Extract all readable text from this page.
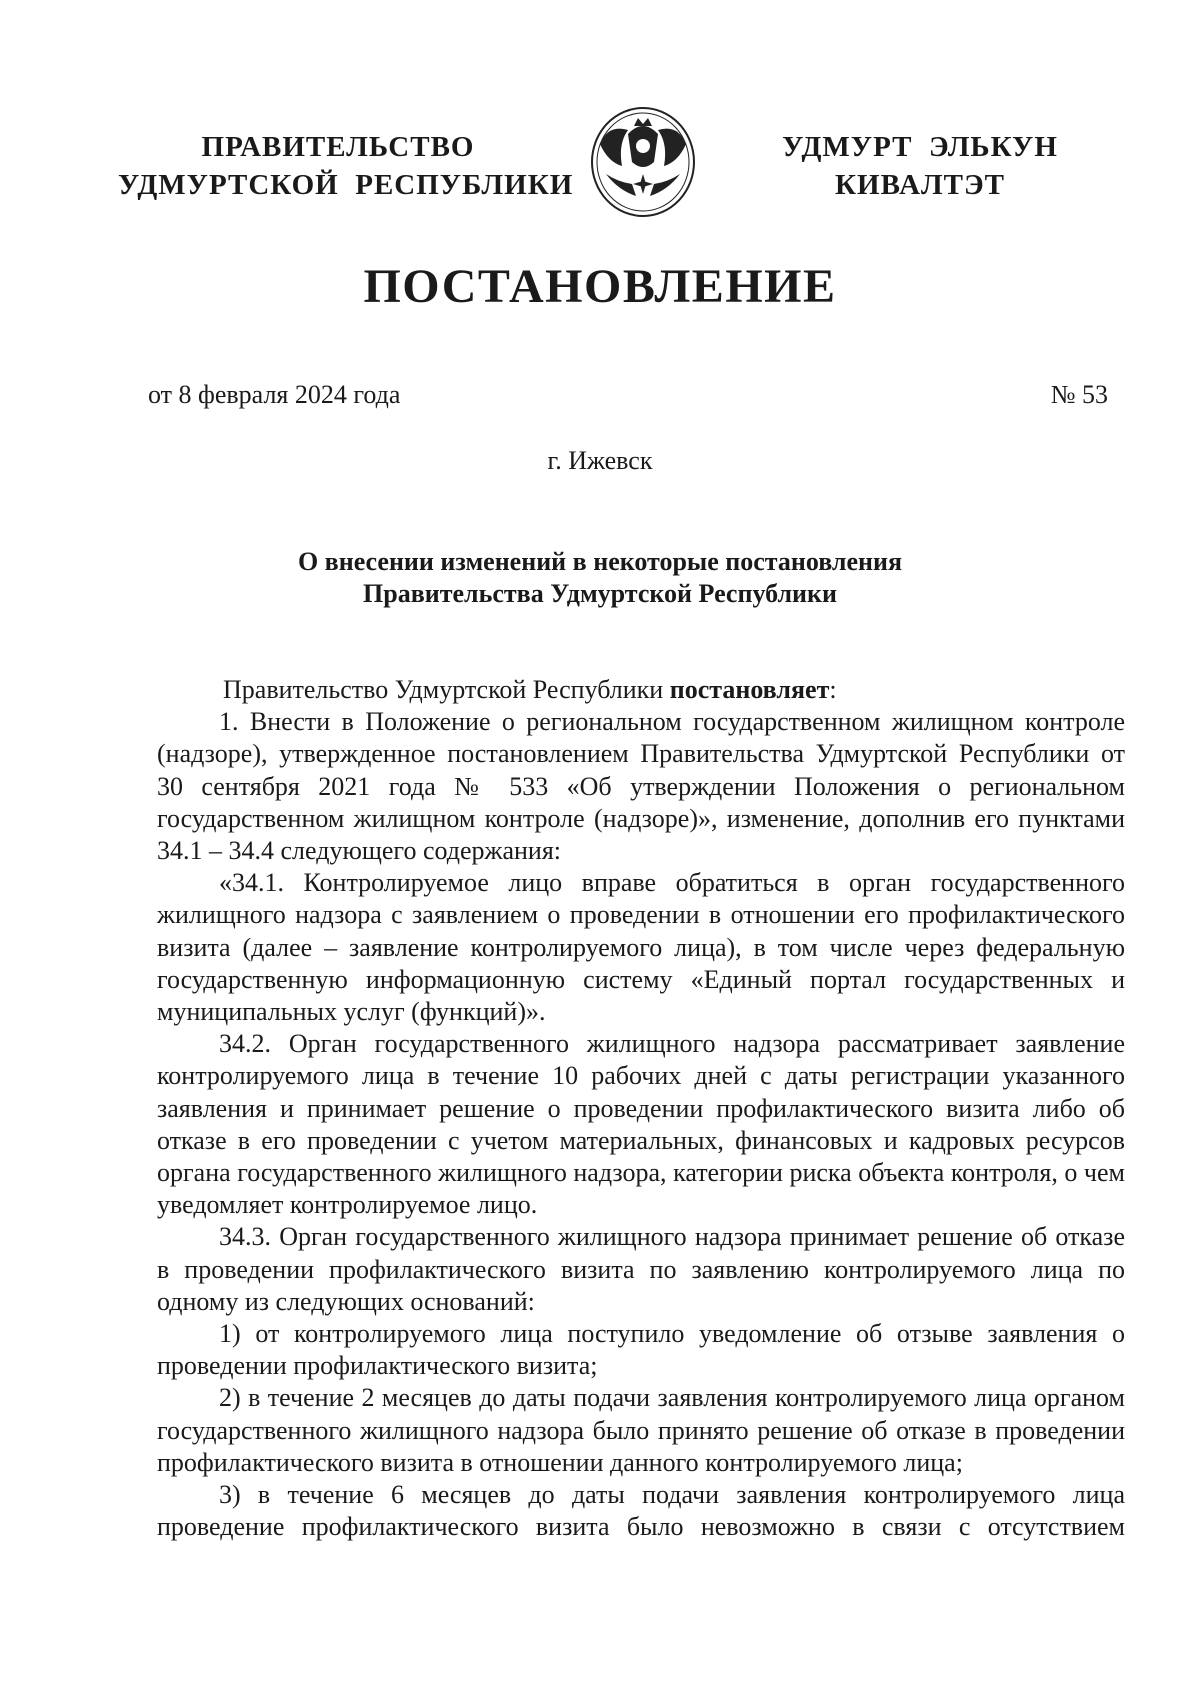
ПРАВИТЕЛЬСТВО
УДМУРТСКОЙ  РЕСПУБЛИКИ
УДМУРТ  ЭЛЬКУН
КИВАЛТЭТ
ПОСТАНОВЛЕНИЕ
от 8 февраля 2024 года	№ 53
г. Ижевск
О внесении изменений в некоторые постановления
Правительства Удмуртской Республики

Правительство Удмуртской Республики постановляет:

1. Внести в Положение о региональном государственном жилищном контроле (надзоре), утвержденное постановлением Правительства Удмуртской Республики от 30 сентября 2021 года № 533 «Об утверждении Положения о региональном государственном жилищном контроле (надзоре)», изменение, дополнив его пунктами 34.1 – 34.4 следующего содержания:

«34.1. Контролируемое лицо вправе обратиться в орган государственного жилищного надзора с заявлением о проведении в отношении его профилактического визита (далее – заявление контролируемого лица), в том числе через федеральную государственную информационную систему «Единый портал государственных и муниципальных услуг (функций)».

34.2. Орган государственного жилищного надзора рассматривает заявление контролируемого лица в течение 10 рабочих дней с даты регистрации указанного заявления и принимает решение о проведении профилактического визита либо об отказе в его проведении с учетом материальных, финансовых и кадровых ресурсов органа государственного жилищного надзора, категории риска объекта контроля, о чем уведомляет контролируемое лицо.

34.3. Орган государственного жилищного надзора принимает решение об отказе в проведении профилактического визита по заявлению контролируемого лица по одному из следующих оснований:

1) от контролируемого лица поступило уведомление об отзыве заявления о проведении профилактического визита;

2) в течение 2 месяцев до даты подачи заявления контролируемого лица органом государственного жилищного надзора было принято решение об отказе в проведении профилактического визита в отношении данного контролируемого лица;

3) в течение 6 месяцев до даты подачи заявления контролируемого лица проведение профилактического визита было невозможно в связи с отсутствием
